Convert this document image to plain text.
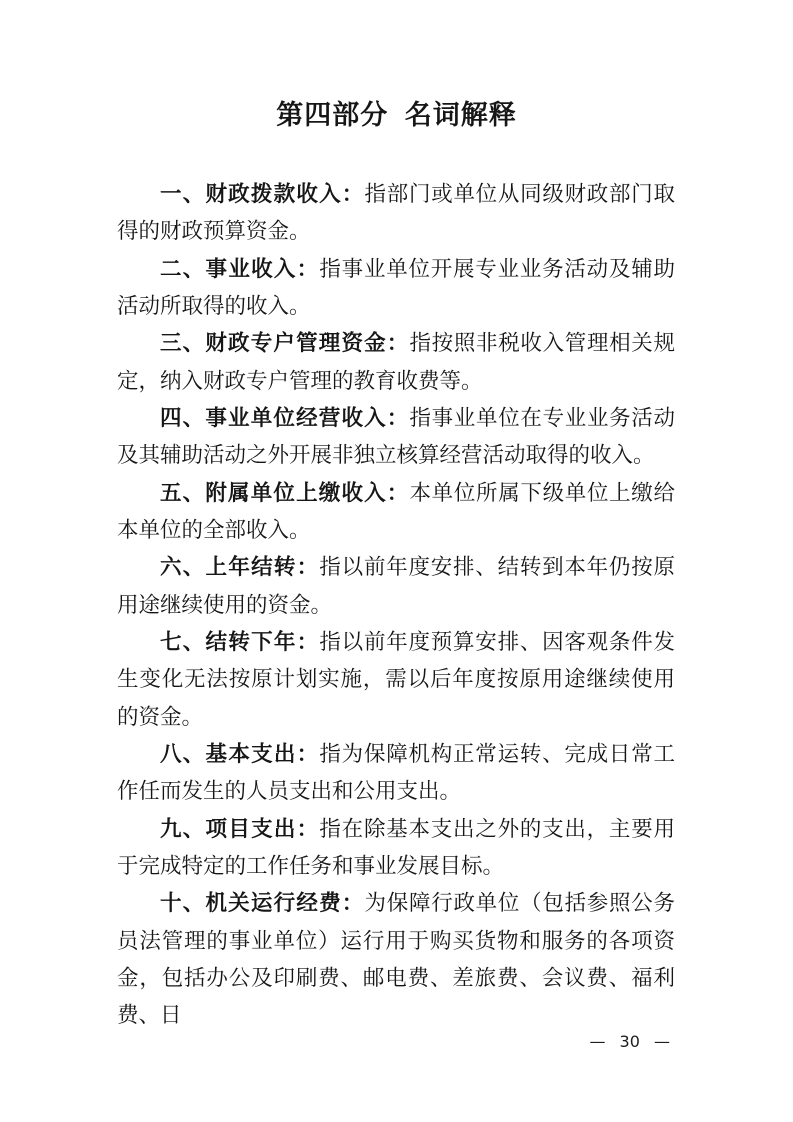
第四部分 名词解释

一、财政拨款收入：指部门或单位从同级财政部门取得的财政预算资金。

二、事业收入：指事业单位开展专业业务活动及辅助活动所取得的收入。

三、财政专户管理资金：指按照非税收入管理相关规定，纳入财政专户管理的教育收费等。

四、事业单位经营收入：指事业单位在专业业务活动及其辅助活动之外开展非独立核算经营活动取得的收入。

五、附属单位上缴收入：本单位所属下级单位上缴给本单位的全部收入。

六、上年结转：指以前年度安排、结转到本年仍按原用途继续使用的资金。

七、结转下年：指以前年度预算安排、因客观条件发生变化无法按原计划实施，需以后年度按原用途继续使用的资金。

八、基本支出：指为保障机构正常运转、完成日常工作任而发生的人员支出和公用支出。

九、项目支出：指在除基本支出之外的支出，主要用于完成特定的工作任务和事业发展目标。

十、机关运行经费：为保障行政单位（包括参照公务员法管理的事业单位）运行用于购买货物和服务的各项资金，包括办公及印刷费、邮电费、差旅费、会议费、福利费、日

— 30 —
